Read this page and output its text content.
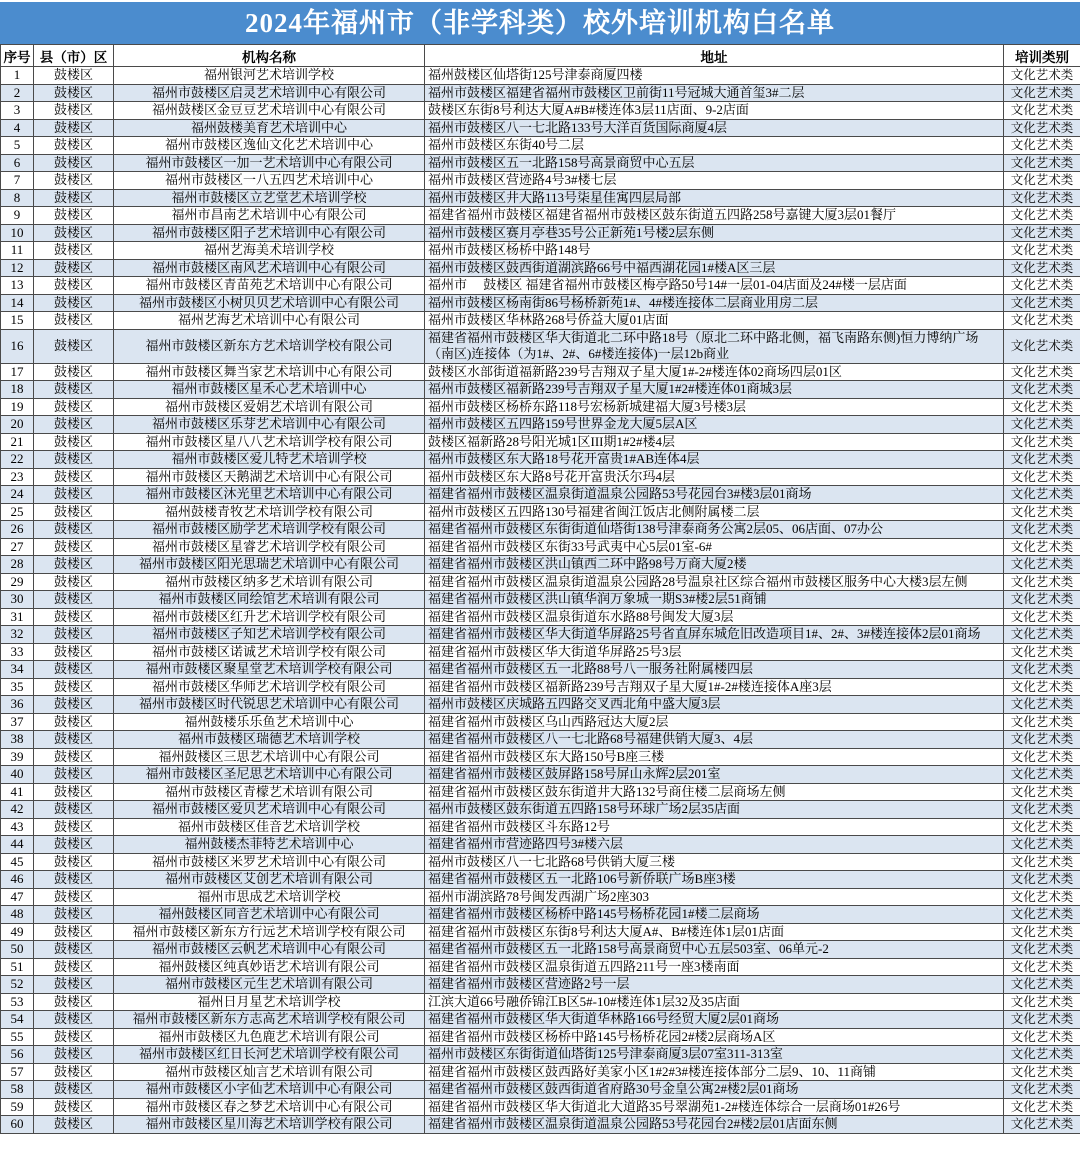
2024年福州市（非学科类）校外培训机构白名单
序号	县（市）区	机构名称	地址	培训类别
1	鼓楼区	福州银河艺术培训学校	福州鼓楼区仙塔街125号津泰商厦四楼	文化艺术类
2	鼓楼区	福州市鼓楼区启灵艺术培训中心有限公司	福州市鼓楼区福建省福州市鼓楼区卫前街11号冠城大通首玺3#二层	文化艺术类
3	鼓楼区	福州鼓楼区金豆豆艺术培训中心有限公司	鼓楼区东街8号利达大厦A#B#楼连体3层11店面、9-2店面	文化艺术类
4	鼓楼区	福州鼓楼美育艺术培训中心	福州市鼓楼区八一七北路133号大洋百货国际商厦4层	文化艺术类
5	鼓楼区	福州市鼓楼区逸仙文化艺术培训中心	福州市鼓楼区东街40号二层	文化艺术类
6	鼓楼区	福州市鼓楼区一加一艺术培训中心有限公司	福州市鼓楼区五一北路158号高景商贸中心五层	文化艺术类
7	鼓楼区	福州市鼓楼区一八五四艺术培训中心	福州市鼓楼区营迹路4号3#楼七层	文化艺术类
8	鼓楼区	福州市鼓楼区立艺堂艺术培训学校	福州市鼓楼区井大路113号柒星佳寓四层局部	文化艺术类
9	鼓楼区	福州市昌南艺术培训中心有限公司	福建省福州市鼓楼区福建省福州市鼓楼区鼓东街道五四路258号嘉键大厦3层01餐厅	文化艺术类
10	鼓楼区	福州市鼓楼区阳子艺术培训中心有限公司	福州市鼓楼区赛月亭巷35号公正新苑1号楼2层东侧	文化艺术类
11	鼓楼区	福州艺海美术培训学校	福州市鼓楼区杨桥中路148号	文化艺术类
12	鼓楼区	福州市鼓楼区南风艺术培训中心有限公司	福州市鼓楼区鼓西街道湖滨路66号中福西湖花园1#楼A区三层	文化艺术类
13	鼓楼区	福州市鼓楼区青苗苑艺术培训中心有限公司	福州市　 鼓楼区 福建省福州市鼓楼区梅亭路50号14#一层01-04店面及24#楼一层店面	文化艺术类
14	鼓楼区	福州市鼓楼区小树贝贝艺术培训中心有限公司	福州市鼓楼区杨南街86号杨桥新苑1#、4#楼连接体二层商业用房二层	文化艺术类
15	鼓楼区	福州艺海艺术培训中心有限公司	福州市鼓楼区华林路268号侨益大厦01店面	文化艺术类
16	鼓楼区	福州市鼓楼区新东方艺术培训学校有限公司	福建省福州市鼓楼区华大街道北二环中路18号（原北二环中路北侧，福飞南路东侧)恒力博纳广场（南区)连接体（为1#、2#、6#楼连接体)一层12b商业	文化艺术类
17	鼓楼区	福州市鼓楼区舞当家艺术培训中心有限公司	鼓楼区水部街道福新路239号吉翔双子星大厦1#-2#楼连体02商场四层01区	文化艺术类
18	鼓楼区	福州市鼓楼区星禾心艺术培训中心	福州市鼓楼区福新路239号吉翔双子星大厦1#2#楼连体01商城3层	文化艺术类
19	鼓楼区	福州市鼓楼区爱娟艺术培训有限公司	福州市鼓楼区杨桥东路118号宏杨新城建福大厦3号楼3层	文化艺术类
20	鼓楼区	福州市鼓楼区乐芽艺术培训中心有限公司	福州市鼓楼区五四路159号世界金龙大厦5层A区	文化艺术类
21	鼓楼区	福州市鼓楼区星八八艺术培训学校有限公司	鼓楼区福新路28号阳光城1区III期1#2#楼4层	文化艺术类
22	鼓楼区	福州市鼓楼区爱儿特艺术培训学校	福州市鼓楼区东大路18号花开富贵1#AB连体4层	文化艺术类
23	鼓楼区	福州市鼓楼区天鹅湖艺术培训中心有限公司	福州市鼓楼区东大路8号花开富贵沃尔玛4层	文化艺术类
24	鼓楼区	福州市鼓楼区沐光里艺术培训中心有限公司	福建省福州市鼓楼区温泉街道温泉公园路53号花园台3#楼3层01商场	文化艺术类
25	鼓楼区	福州鼓楼青牧艺术培训学校有限公司	福州市鼓楼区五四路130号福建省闽江饭店北侧附属楼二层	文化艺术类
26	鼓楼区	福州市鼓楼区励学艺术培训学校有限公司	福建省福州市鼓楼区东街街道仙塔街138号津泰商务公寓2层05、06店面、07办公	文化艺术类
27	鼓楼区	福州市鼓楼区星睿艺术培训学校有限公司	福建省福州市鼓楼区东街33号武夷中心5层01室-6#	文化艺术类
28	鼓楼区	福州市鼓楼区阳光思瑞艺术培训中心有限公司	福建省福州市鼓楼区洪山镇西二环中路98号万商大厦2楼	文化艺术类
29	鼓楼区	福州市鼓楼区纳多艺术培训有限公司	福建省福州市鼓楼区温泉街道温泉公园路28号温泉社区综合福州市鼓楼区服务中心大楼3层左侧	文化艺术类
30	鼓楼区	福州市鼓楼区同绘馆艺术培训有限公司	福建省福州市鼓楼区洪山镇华润万象城一期S3#楼2层51商铺	文化艺术类
31	鼓楼区	福州市鼓楼区红升艺术培训学校有限公司	福建省福州市鼓楼区温泉街道东水路88号闽发大厦3层	文化艺术类
32	鼓楼区	福州市鼓楼区子知艺术培训学校有限公司	福建省福州市鼓楼区华大街道华屏路25号省直屏东城危旧改造项目1#、2#、3#楼连接体2层01商场	文化艺术类
33	鼓楼区	福州市鼓楼区诺诚艺术培训学校有限公司	福建省福州市鼓楼区华大街道华屏路25号3层	文化艺术类
34	鼓楼区	福州市鼓楼区聚星堂艺术培训学校有限公司	福建省福州市鼓楼区五一北路88号八一服务社附属楼四层	文化艺术类
35	鼓楼区	福州市鼓楼区华师艺术培训学校有限公司	福建省福州市鼓楼区福新路239号吉翔双子星大厦1#-2#楼连接体A座3层	文化艺术类
36	鼓楼区	福州市鼓楼区时代锐思艺术培训中心有限公司	福州市鼓楼区庆城路五四路交叉西北角中盛大厦3层	文化艺术类
37	鼓楼区	福州鼓楼乐乐鱼艺术培训中心	福建省福州市鼓楼区乌山西路冠达大厦2层	文化艺术类
38	鼓楼区	福州市鼓楼区瑞德艺术培训学校	福建省福州市鼓楼区八一七北路68号福建供销大厦3、4层	文化艺术类
39	鼓楼区	福州鼓楼区三思艺术培训中心有限公司	福建省福州市鼓楼区东大路150号B座三楼	文化艺术类
40	鼓楼区	福州市鼓楼区圣尼思艺术培训中心有限公司	福建省福州市鼓楼区鼓屏路158号屏山永辉2层201室	文化艺术类
41	鼓楼区	福州市鼓楼区青檬艺术培训有限公司	福建省福州市鼓楼区鼓东街道井大路132号商住楼二层商场左侧	文化艺术类
42	鼓楼区	福州市鼓楼区爱贝艺术培训中心有限公司	福州市鼓楼区鼓东街道五四路158号环球广场2层35店面	文化艺术类
43	鼓楼区	福州市鼓楼区佳音艺术培训学校	福建省福州市鼓楼区斗东路12号	文化艺术类
44	鼓楼区	福州鼓楼杰菲特艺术培训中心	福建省福州市营迹路四号3#楼六层	文化艺术类
45	鼓楼区	福州市鼓楼区米罗艺术培训中心有限公司	福州市鼓楼区八一七北路68号供销大厦三楼	文化艺术类
46	鼓楼区	福州市鼓楼区艾创艺术培训有限公司	福建省福州市鼓楼区五一北路106号新侨联广场B座3楼	文化艺术类
47	鼓楼区	福州市思成艺术培训学校	福州市湖滨路78号闽发西湖广场2座303	文化艺术类
48	鼓楼区	福州鼓楼区同音艺术培训中心有限公司	福建省福州市鼓楼区杨桥中路145号杨桥花园1#楼二层商场	文化艺术类
49	鼓楼区	福州市鼓楼区新东方行远艺术培训学校有限公司	福建省福州市鼓楼区东街8号利达大厦A#、B#楼连体1层01店面	文化艺术类
50	鼓楼区	福州市鼓楼区云帆艺术培训中心有限公司	福建省福州市鼓楼区五一北路158号高景商贸中心五层503室、06单元-2	文化艺术类
51	鼓楼区	福州鼓楼区纯真妙语艺术培训有限公司	福建省福州市鼓楼区温泉街道五四路211号一座3楼南面	文化艺术类
52	鼓楼区	福州市鼓楼区元生艺术培训有限公司	福建省福州市鼓楼区营迹路2号一层	文化艺术类
53	鼓楼区	福州日月星艺术培训学校	江滨大道66号融侨锦江B区5#-10#楼连体1层32及35店面	文化艺术类
54	鼓楼区	福州市鼓楼区新东方志高艺术培训学校有限公司	福建省福州市鼓楼区华大街道华林路166号经贸大厦2层01商场	文化艺术类
55	鼓楼区	福州市鼓楼区九色鹿艺术培训有限公司	福建省福州市鼓楼区杨桥中路145号杨桥花园2#楼2层商场A区	文化艺术类
56	鼓楼区	福州市鼓楼区红日长河艺术培训学校有限公司	福州市鼓楼区东街街道仙塔街125号津泰商厦3层07室311-313室	文化艺术类
57	鼓楼区	福州市鼓楼区灿言艺术培训有限公司	福建省福州市鼓楼区鼓西路好美家小区1#2#3#楼连接体部分二层9、10、11商铺	文化艺术类
58	鼓楼区	福州市鼓楼区小字仙艺术培训中心有限公司	福建省福州市鼓楼区鼓西街道省府路30号金皇公寓2#楼2层01商场	文化艺术类
59	鼓楼区	福州市鼓楼区春之梦艺术培训中心有限公司	福建省福州市鼓楼区华大街道北大道路35号翠湖苑1-2#楼连体综合一层商场01#26号	文化艺术类
60	鼓楼区	福州市鼓楼区星川海艺术培训学校有限公司	福建省福州市鼓楼区温泉街道温泉公园路53号花园台2#楼2层01店面东侧	文化艺术类
